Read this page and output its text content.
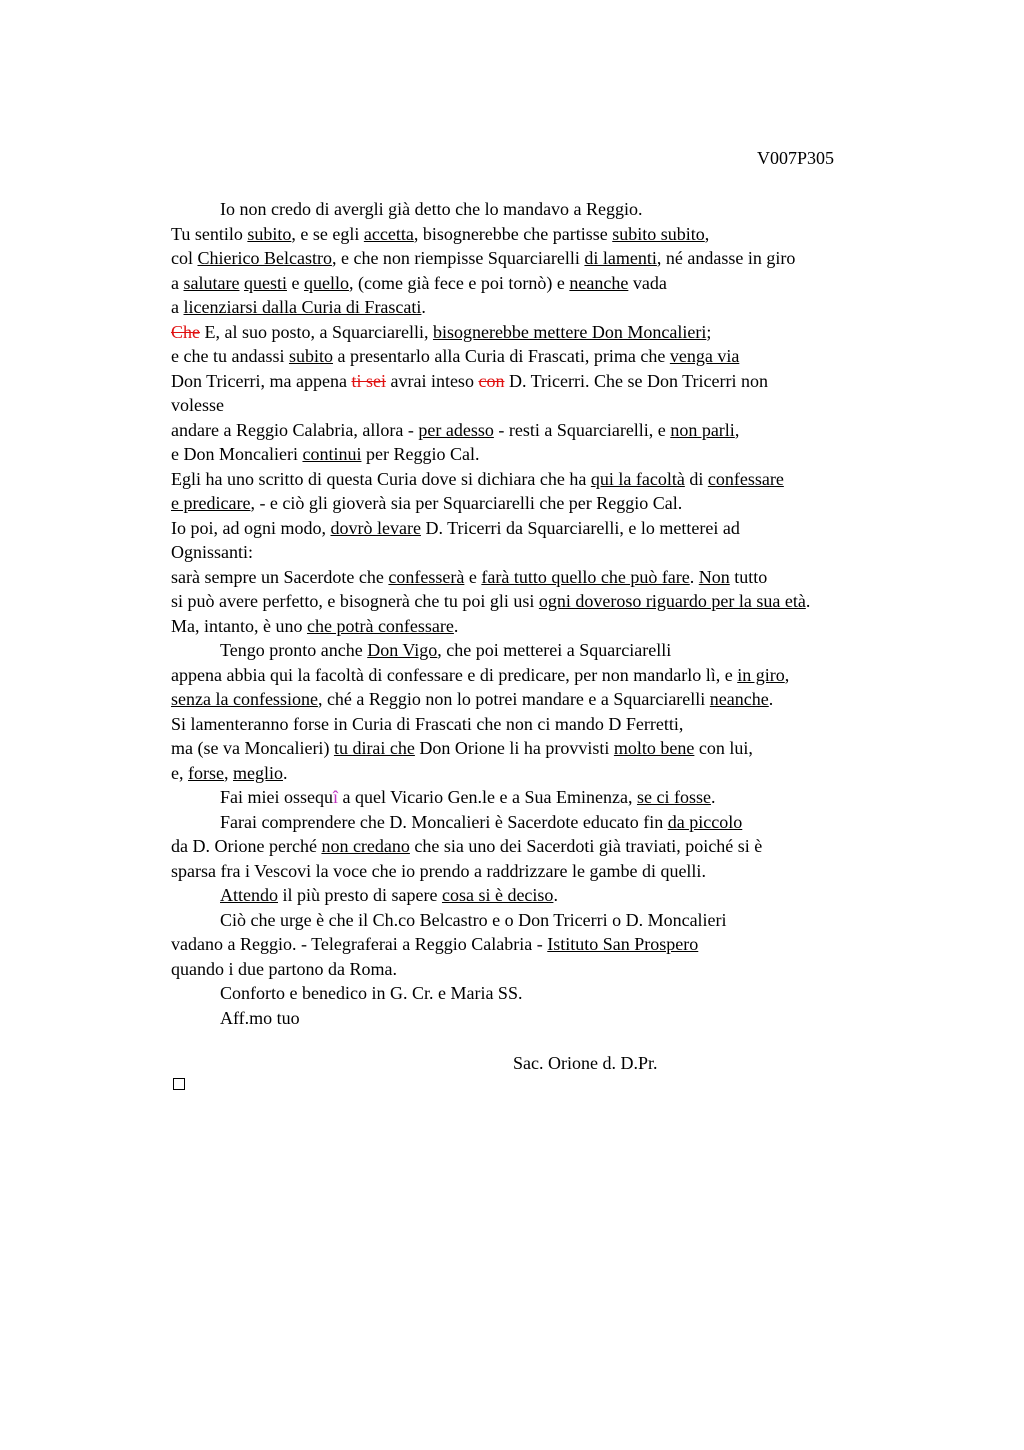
V007P305
Io non credo di avergli già detto che lo mandavo a Reggio.
Tu sentilo subito, e se egli accetta, bisognerebbe che partisse subito subito,
col Chierico Belcastro, e che non riempisse Squarciarelli di lamenti, né andasse in giro
a salutare questi e quello, (come già fece e poi tornò) e neanche vada
a licenziarsi dalla Curia di Frascati.
Che E, al suo posto, a Squarciarelli, bisognerebbe mettere Don Moncalieri;
e che tu andassi subito a presentarlo alla Curia di Frascati, prima che venga via
Don Tricerri, ma appena ti sei avrai inteso con D. Tricerri. Che se Don Tricerri non
volesse
andare a Reggio Calabria, allora - per adesso - resti a Squarciarelli, e non parli,
e Don Moncalieri continui per Reggio Cal.
Egli ha uno scritto di questa Curia dove si dichiara che ha qui la facoltà di confessare
e predicare, - e ciò gli gioverà sia per Squarciarelli che per Reggio Cal.
Io poi, ad ogni modo, dovrò levare D. Tricerri da Squarciarelli, e lo metterei ad
Ognissanti:
sarà sempre un Sacerdote che confesserà e farà tutto quello che può fare. Non tutto
si può avere perfetto, e bisognerà che tu poi gli usi ogni doveroso riguardo per la sua età.
Ma, intanto, è uno che potrà confessare.
Tengo pronto anche Don Vigo, che poi metterei a Squarciarelli
appena abbia qui la facoltà di confessare e di predicare, per non mandarlo lì, e in giro,
senza la confessione, ché a Reggio non lo potrei mandare e a Squarciarelli neanche.
Si lamenteranno forse in Curia di Frascati che non ci mando D Ferretti,
ma (se va Moncalieri) tu dirai che Don Orione li ha provvisti molto bene con lui,
e, forse, meglio.
Fai miei ossequî a quel Vicario Gen.le e a Sua Eminenza, se ci fosse.
Farai comprendere che D. Moncalieri è Sacerdote educato fin da piccolo
da D. Orione perché non credano che sia uno dei Sacerdoti già traviati, poiché si è
sparsa fra i Vescovi la voce che io prendo a raddrizzare le gambe di quelli.
Attendo il più presto di sapere cosa si è deciso.
Ciò che urge è che il Ch.co Belcastro e o Don Tricerri o D. Moncalieri
vadano a Reggio. - Telegraferai a Reggio Calabria - Istituto San Prospero
quando i due partono da Roma.
Conforto e benedico in G. Cr. e Maria SS.
Aff.mo tuo
Sac. Orione d. D.Pr.
